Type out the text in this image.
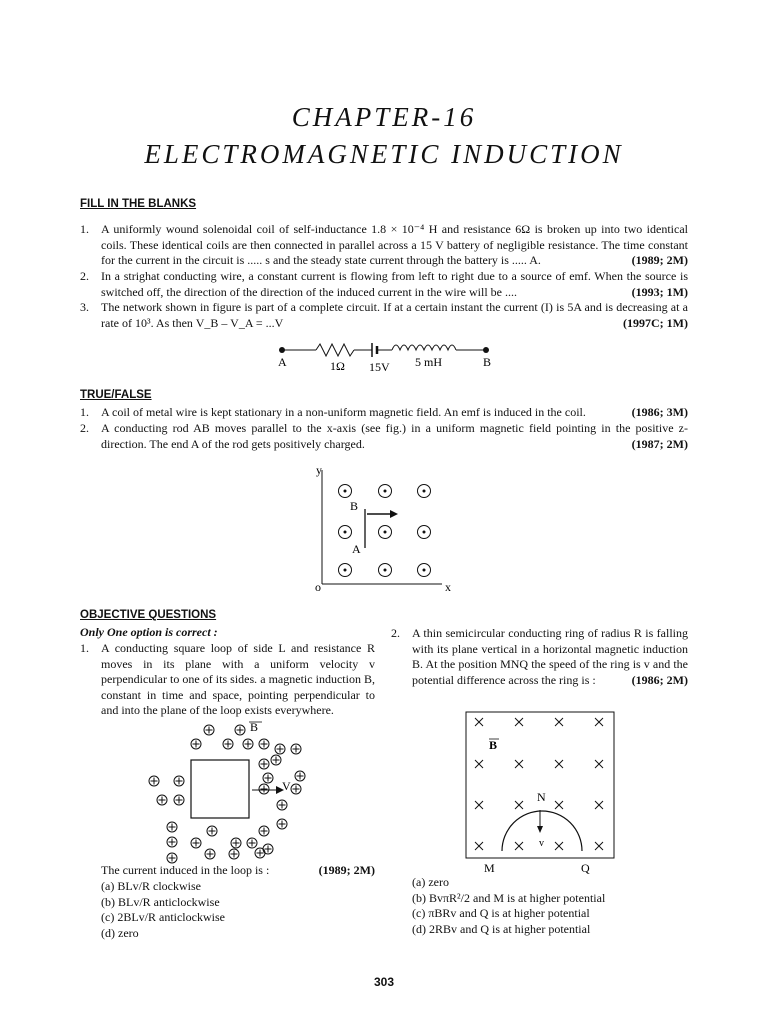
CHAPTER-16
ELECTROMAGNETIC INDUCTION
FILL IN THE BLANKS
1. A uniformly wound solenoidal coil of self-inductance 1.8 × 10⁻⁴ H and resistance 6Ω is broken up into two identical coils. These identical coils are then connected in parallel across a 15 V battery of negligible resistance. The time constant for the current in the circuit is ..... s and the steady state current through the battery is ..... A.	(1989; 2M)
2. In a strighat conducting wire, a constant current is flowing from left to right due to a source of emf. When the source is switched off, the direction of the direction of the induced current in the wire will be ....	(1993; 1M)
3. The network shown in figure is part of a complete circuit. If at a certain instant the current (I) is 5A and is decreasing at a rate of 10³. As then V_B – V_A = ...V	(1997C; 1M)
A	B
1Ω 15V 5 mH
TRUE/FALSE
1. A coil of metal wire is kept stationary in a non-uniform magnetic field. An emf is induced in the coil.	(1986; 3M)
2. A conducting rod AB moves parallel to the x-axis (see fig.) in a uniform magnetic field pointing in the positive z-direction. The end A of the rod gets positively charged.	(1987; 2M)
y
x
o
B
A
OBJECTIVE QUESTIONS
Only One option is correct :
1. A conducting square loop of side L and resistance R moves in its plane with a uniform velocity v perpendicular to one of its sides. a magnetic induction B, constant in time and space, pointing perpendicular to and into the plane of the loop exists everywhere.
B
V
The current induced in the loop is :	(1989; 2M)
(a) BLv/R clockwise
(b) BLv/R anticlockwise
(c) 2BLv/R anticlockwise
(d) zero
2. A thin semicircular conducting ring of radius R is falling with its plane vertical in a horizontal magnetic induction B. At the position MNQ the speed of the ring is v and the potential difference across the ring is :	(1986; 2M)
B
N
v
M	Q
(a) zero
(b) BvπR²/2 and M is at higher potential
(c) πBRv and Q is at higher potential
(d) 2RBv and Q is at higher potential
303
